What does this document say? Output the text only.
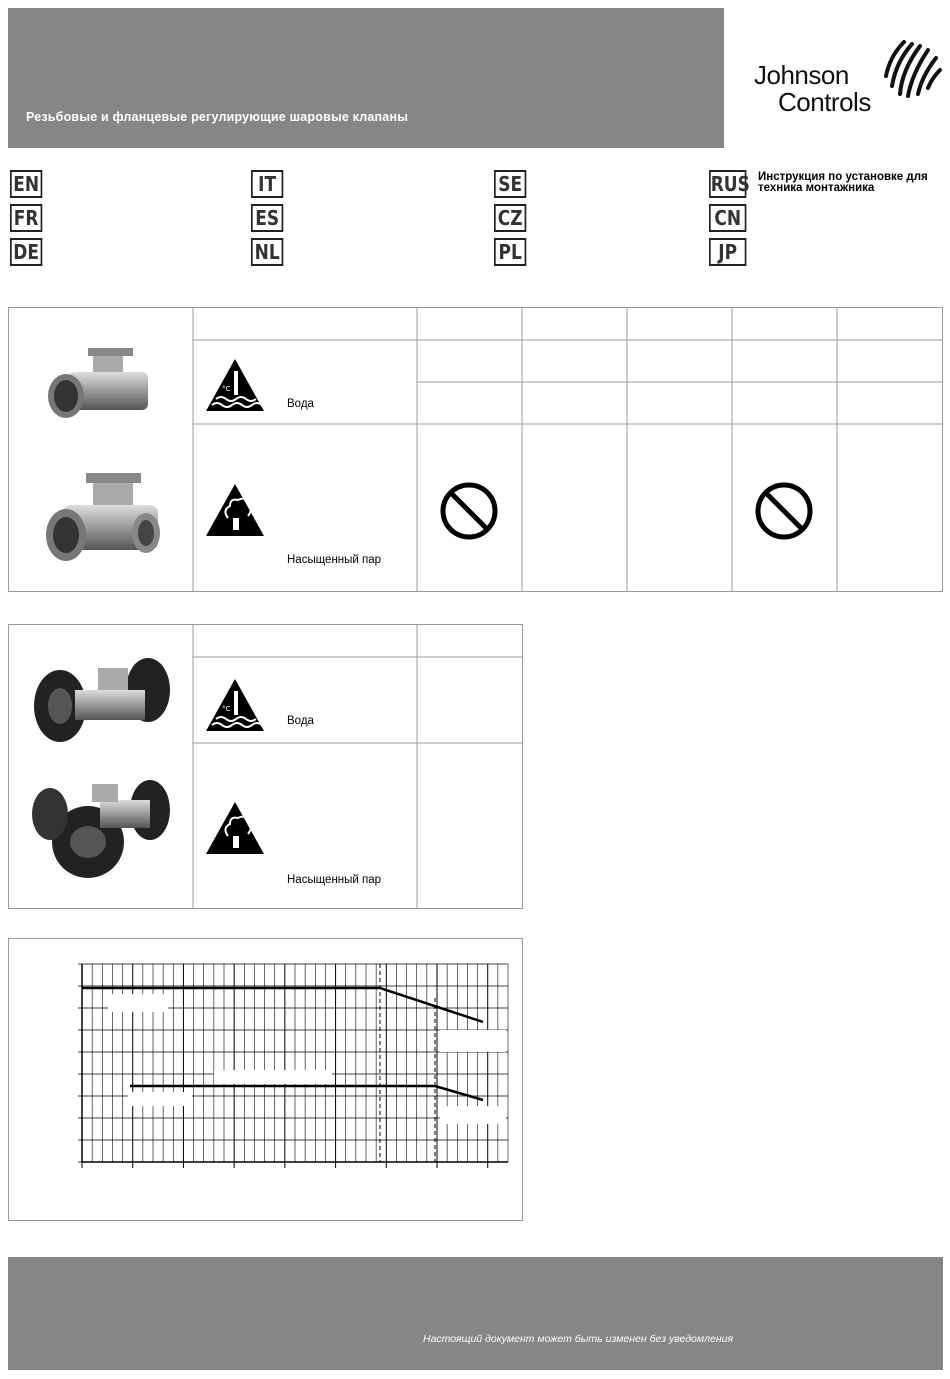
Резьбовые и фланцевые регулирующие шаровые клапаны
Johnson
Controls
EN
FR
DE
IT
ES
NL
SE
CZ
PL
RUS
CN
JP
Инструкция по установке для техника монтажника
°C
Вода
Насыщенный пар
°C
Вода
Насыщенный пар
Настоящий документ может быть изменен без уведомления
